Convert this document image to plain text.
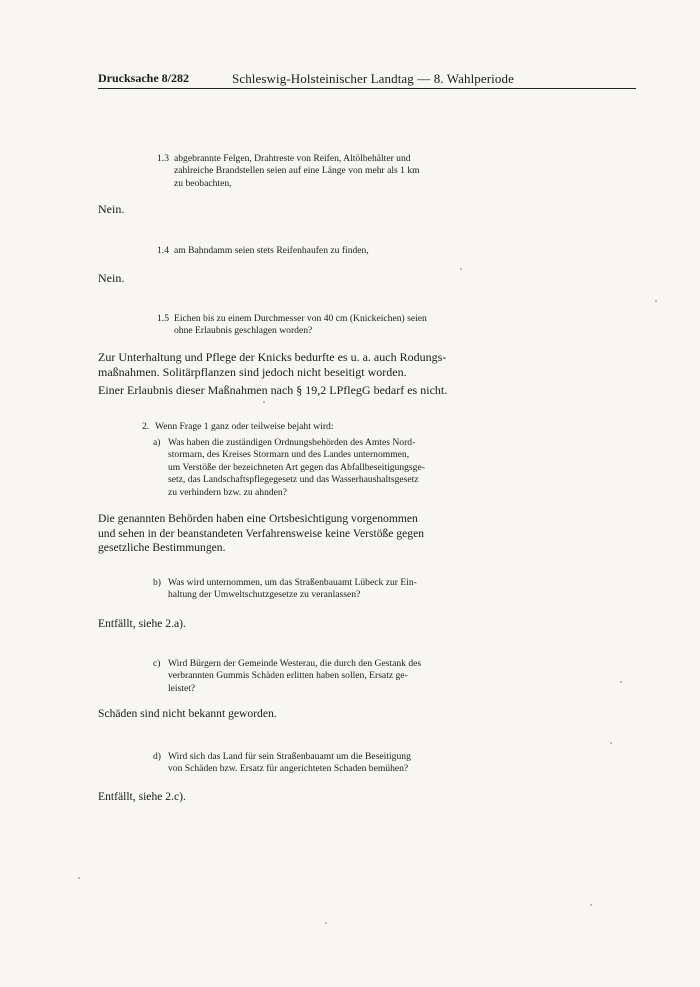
Drucksache 8/282	Schleswig-Holsteinischer Landtag — 8. Wahlperiode
1.3 abgebrannte Felgen, Drahtreste von Reifen, Altölbehälter und
zahlreiche Brandstellen seien auf eine Länge von mehr als 1 km
zu beobachten,
Nein.
1.4 am Bahndamm seien stets Reifenhaufen zu finden,
Nein.
1.5 Eichen bis zu einem Durchmesser von 40 cm (Knickeichen) seien
ohne Erlaubnis geschlagen worden?
Zur Unterhaltung und Pflege der Knicks bedurfte es u. a. auch Rodungs-
maßnahmen. Solitärpflanzen sind jedoch nicht beseitigt worden.
Einer Erlaubnis dieser Maßnahmen nach § 19,2 LPflegG bedarf es nicht.
2. Wenn Frage 1 ganz oder teilweise bejaht wird:
a) Was haben die zuständigen Ordnungsbehörden des Amtes Nord-
stormarn, des Kreises Stormarn und des Landes unternommen,
um Verstöße der bezeichneten Art gegen das Abfallbeseitigungsge-
setz, das Landschaftspflegegesetz und das Wasserhaushaltsgesetz
zu verhindern bzw. zu ahnden?
Die genannten Behörden haben eine Ortsbesichtigung vorgenommen
und sehen in der beanstandeten Verfahrensweise keine Verstöße gegen
gesetzliche Bestimmungen.
b) Was wird unternommen, um das Straßenbauamt Lübeck zur Ein-
haltung der Umweltschutzgesetze zu veranlassen?
Entfällt, siehe 2.a).
c) Wird Bürgern der Gemeinde Westerau, die durch den Gestank des
verbrannten Gummis Schäden erlitten haben sollen, Ersatz ge-
leistet?
Schäden sind nicht bekannt geworden.
d) Wird sich das Land für sein Straßenbauamt um die Beseitigung
von Schäden bzw. Ersatz für angerichteten Schaden bemühen?
Entfällt, siehe 2.c).
